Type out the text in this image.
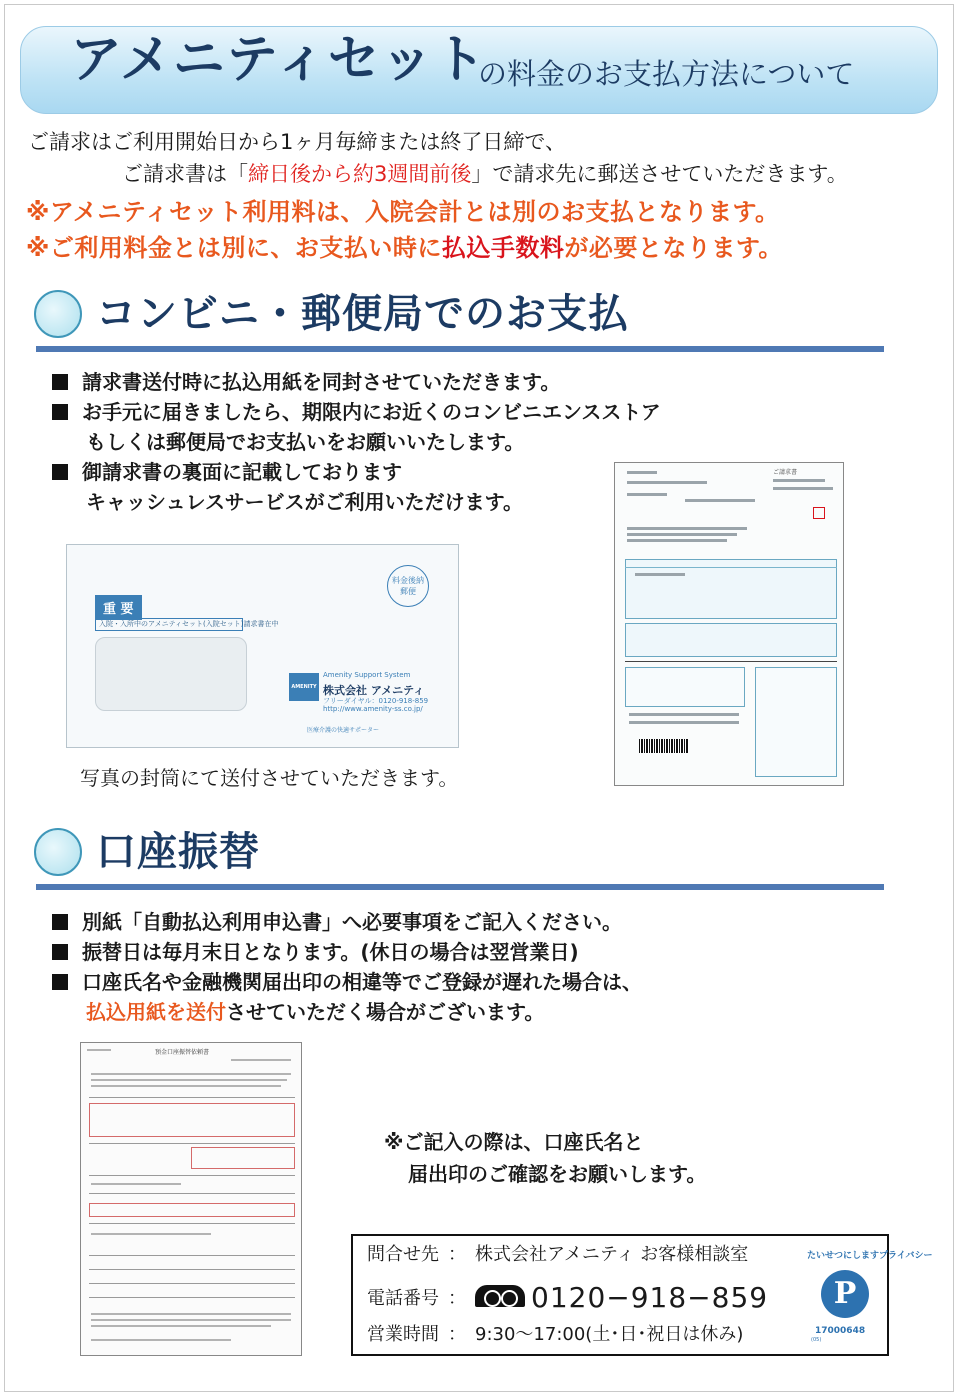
アメニティセット
の料金のお支払方法について
ご請求はご利用開始日から1ヶ月毎締または終了日締で、
ご請求書は「締日後から約3週間前後」で請求先に郵送させていただきます。
※アメニティセット利用料は、入院会計とは別のお支払となります。
※ご利用料金とは別に、お支払い時に払込手数料が必要となります。
コンビニ・郵便局でのお支払
請求書送付時に払込用紙を同封させていただきます。
お手元に届きましたら、期限内にお近くのコンビニエンスストア
もしくは郵便局でお支払いをお願いいたします。
御請求書の裏面に記載しております
キャッシュレスサービスがご利用いただけます。
重 要
入院・入所中のアメニティセット(入院セット)請求書在中
料金後納 郵便
AMENITY
Amenity Support System
株式会社 アメニティ
フリーダイヤル：0120-918-859
http://www.amenity-ss.co.jp/
医療介護の快適サポーター
写真の封筒にて送付させていただきます。
ご請求書
口座振替
別紙「自動払込利用申込書」へ必要事項をご記入ください。
振替日は毎月末日となります。(休日の場合は翌営業日)
口座氏名や金融機関届出印の相違等でご登録が遅れた場合は、
払込用紙を送付させていただく場合がございます。
預金口座振替依頼書
※ご記入の際は、口座氏名と
届出印のご確認をお願いします。
問合せ先 ： 株式会社アメニティ お客様相談室
電話番号 ： 0120−918−859
営業時間 ： 9:30〜17:00(土･日･祝日は休み)
たいせつにしますプライバシー
P
17000648
(05)
